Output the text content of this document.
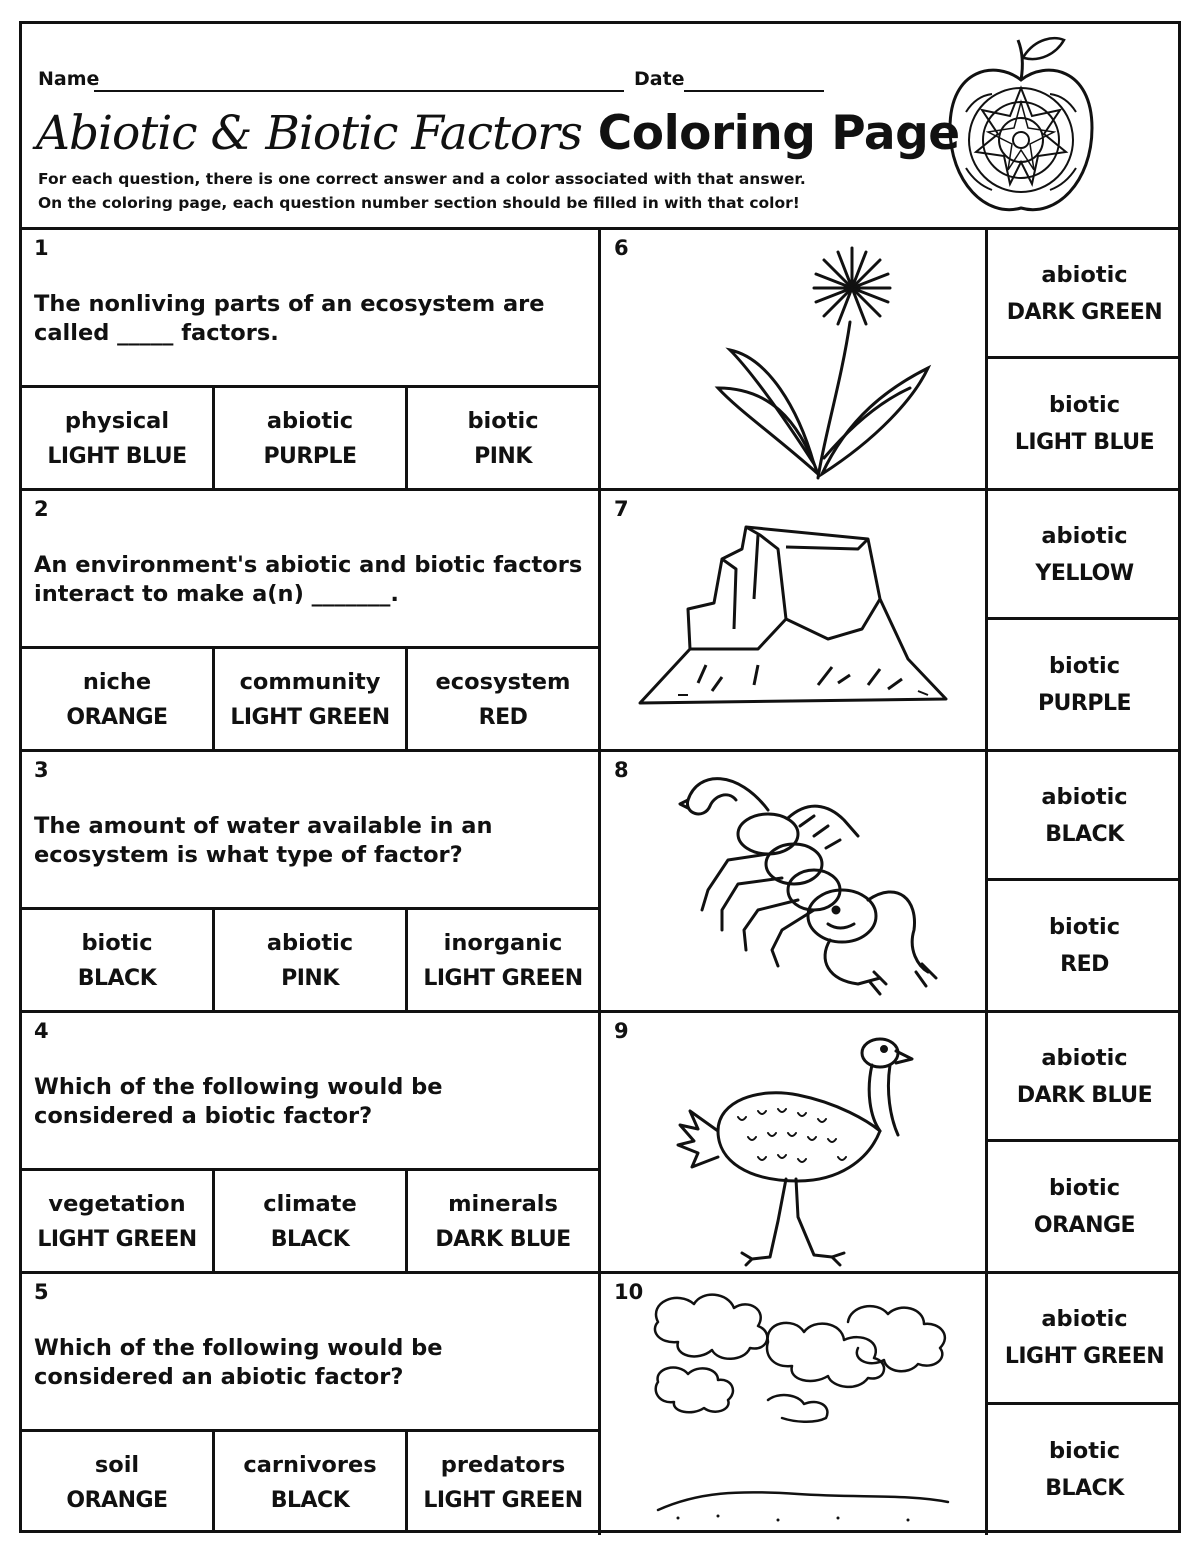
Name	Date
Abiotic & Biotic Factors Coloring Page
For each question, there is one correct answer and a color associated with that answer.
On the coloring page, each question number section should be filled in with that color!
1
The nonliving parts of an ecosystem are called _____ factors.
physical
LIGHT BLUE
abiotic
PURPLE
biotic
PINK
6
abiotic
DARK GREEN
biotic
LIGHT BLUE
2
An environment's abiotic and biotic factors interact to make a(n) _______.
niche
ORANGE
community
LIGHT GREEN
ecosystem
RED
7
abiotic
YELLOW
biotic
PURPLE
3
The amount of water available in an ecosystem is what type of factor?
biotic
BLACK
abiotic
PINK
inorganic
LIGHT GREEN
8
abiotic
BLACK
biotic
RED
4
Which of the following would be considered a biotic factor?
vegetation
LIGHT GREEN
climate
BLACK
minerals
DARK BLUE
9
abiotic
DARK BLUE
biotic
ORANGE
5
Which of the following would be considered an abiotic factor?
soil
ORANGE
carnivores
BLACK
predators
LIGHT GREEN
10
abiotic
LIGHT GREEN
biotic
BLACK
